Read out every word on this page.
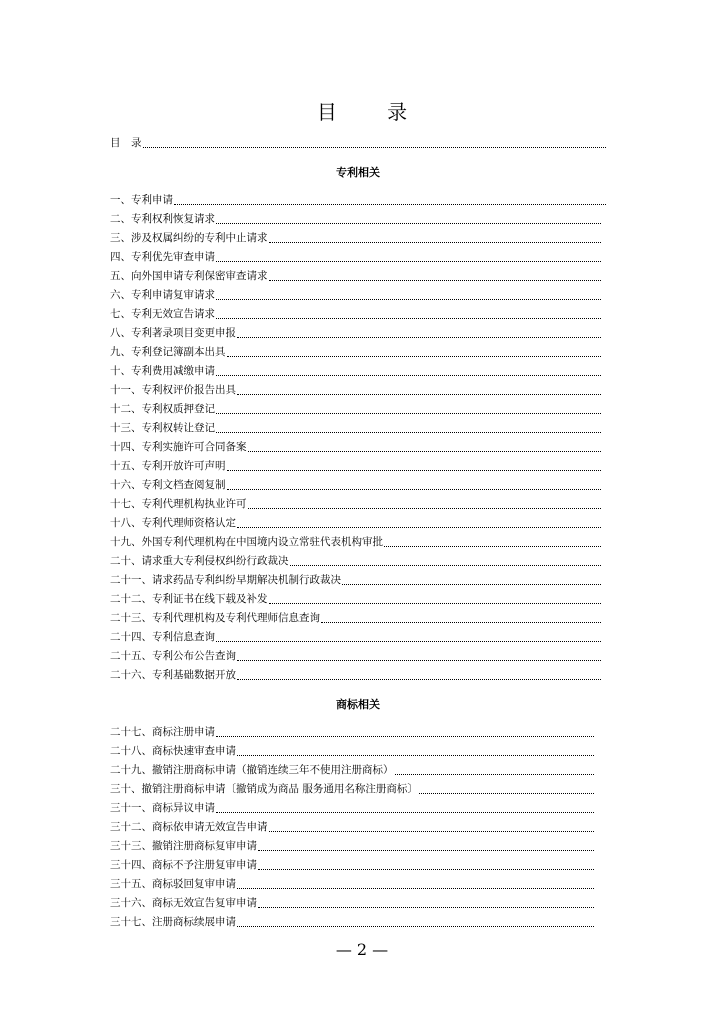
目 录
目　录
专利相关
一、专利申请
二、专利权利恢复请求
三、涉及权属纠纷的专利中止请求
四、专利优先审查申请
五、向外国申请专利保密审查请求
六、专利申请复审请求
七、专利无效宣告请求
八、专利著录项目变更申报
九、专利登记簿副本出具
十、专利费用减缴申请
十一、专利权评价报告出具
十二、专利权质押登记
十三、专利权转让登记
十四、专利实施许可合同备案
十五、专利开放许可声明
十六、专利文档查阅复制
十七、专利代理机构执业许可
十八、专利代理师资格认定
十九、外国专利代理机构在中国境内设立常驻代表机构审批
二十、请求重大专利侵权纠纷行政裁决
二十一、请求药品专利纠纷早期解决机制行政裁决
二十二、专利证书在线下载及补发
二十三、专利代理机构及专利代理师信息查询
二十四、专利信息查询
二十五、专利公布公告查询
二十六、专利基础数据开放
商标相关
二十七、商标注册申请
二十八、商标快速审查申请
二十九、撤销注册商标申请（撤销连续三年不使用注册商标）
三十、撤销注册商标申请〔撤销成为商品 服务通用名称注册商标〕
三十一、商标异议申请
三十二、商标依申请无效宣告申请
三十三、撤销注册商标复审申请
三十四、商标不予注册复审申请
三十五、商标驳回复审申请
三十六、商标无效宣告复审申请
三十七、注册商标续展申请
— 2 —
